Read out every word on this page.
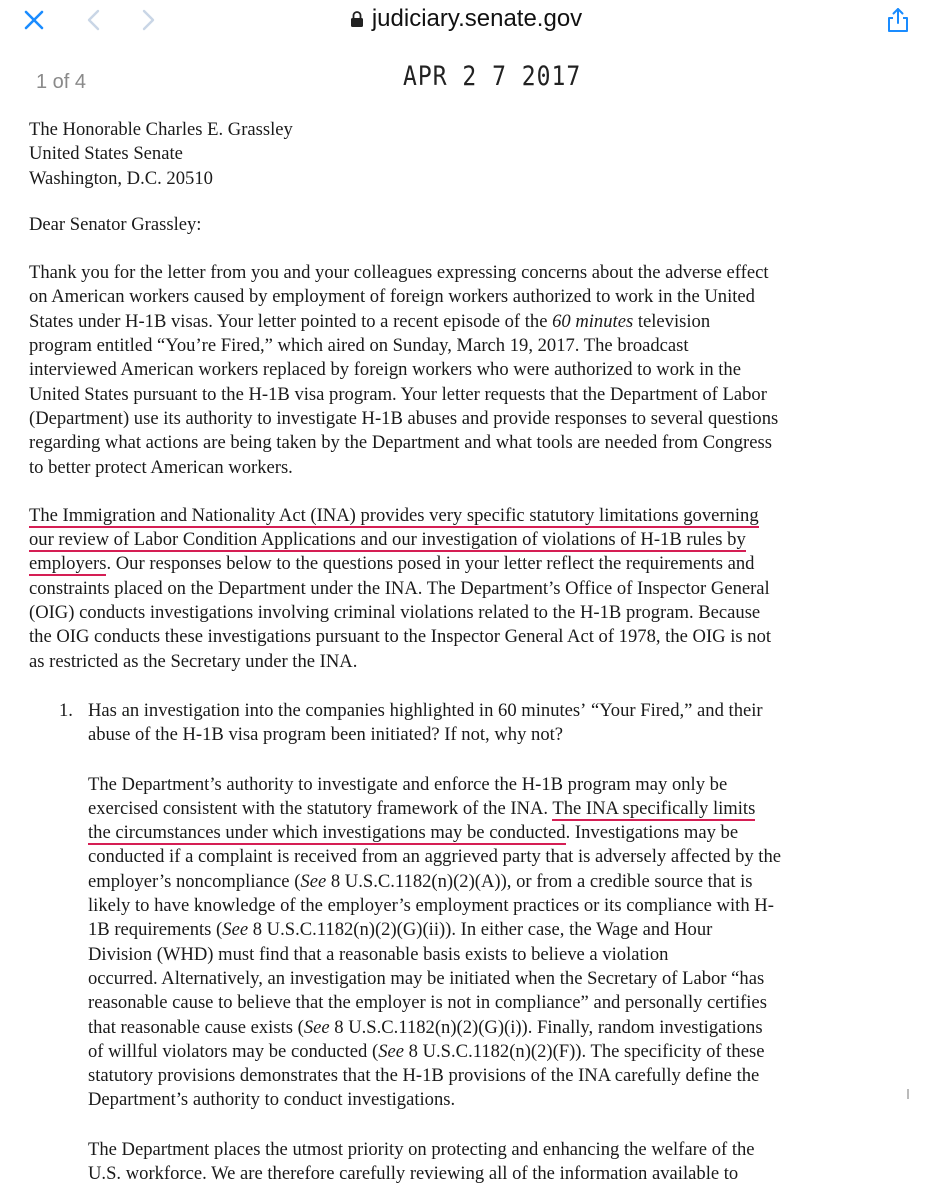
judiciary.senate.gov
1 of 4	APR 2 7 2017
The Honorable Charles E. Grassley
United States Senate
Washington, D.C. 20510
Dear Senator Grassley:
Thank you for the letter from you and your colleagues expressing concerns about the adverse effect
on American workers caused by employment of foreign workers authorized to work in the United
States under H-1B visas. Your letter pointed to a recent episode of the 60 minutes television
program entitled “You’re Fired,” which aired on Sunday, March 19, 2017. The broadcast
interviewed American workers replaced by foreign workers who were authorized to work in the
United States pursuant to the H-1B visa program. Your letter requests that the Department of Labor
(Department) use its authority to investigate H-1B abuses and provide responses to several questions
regarding what actions are being taken by the Department and what tools are needed from Congress
to better protect American workers.
The Immigration and Nationality Act (INA) provides very specific statutory limitations governing
our review of Labor Condition Applications and our investigation of violations of H-1B rules by
employers. Our responses below to the questions posed in your letter reflect the requirements and
constraints placed on the Department under the INA. The Department’s Office of Inspector General
(OIG) conducts investigations involving criminal violations related to the H-1B program. Because
the OIG conducts these investigations pursuant to the Inspector General Act of 1978, the OIG is not
as restricted as the Secretary under the INA.
1. Has an investigation into the companies highlighted in 60 minutesʼ “Your Fired,” and their
abuse of the H-1B visa program been initiated? If not, why not?
The Department’s authority to investigate and enforce the H-1B program may only be
exercised consistent with the statutory framework of the INA. The INA specifically limits
the circumstances under which investigations may be conducted. Investigations may be
conducted if a complaint is received from an aggrieved party that is adversely affected by the
employer’s noncompliance (See 8 U.S.C.1182(n)(2)(A)), or from a credible source that is
likely to have knowledge of the employer’s employment practices or its compliance with H-
1B requirements (See 8 U.S.C.1182(n)(2)(G)(ii)). In either case, the Wage and Hour
Division (WHD) must find that a reasonable basis exists to believe a violation
occurred. Alternatively, an investigation may be initiated when the Secretary of Labor “has
reasonable cause to believe that the employer is not in compliance” and personally certifies
that reasonable cause exists (See 8 U.S.C.1182(n)(2)(G)(i)). Finally, random investigations
of willful violators may be conducted (See 8 U.S.C.1182(n)(2)(F)). The specificity of these
statutory provisions demonstrates that the H-1B provisions of the INA carefully define the
Department’s authority to conduct investigations.
The Department places the utmost priority on protecting and enhancing the welfare of the
U.S. workforce. We are therefore carefully reviewing all of the information available to
